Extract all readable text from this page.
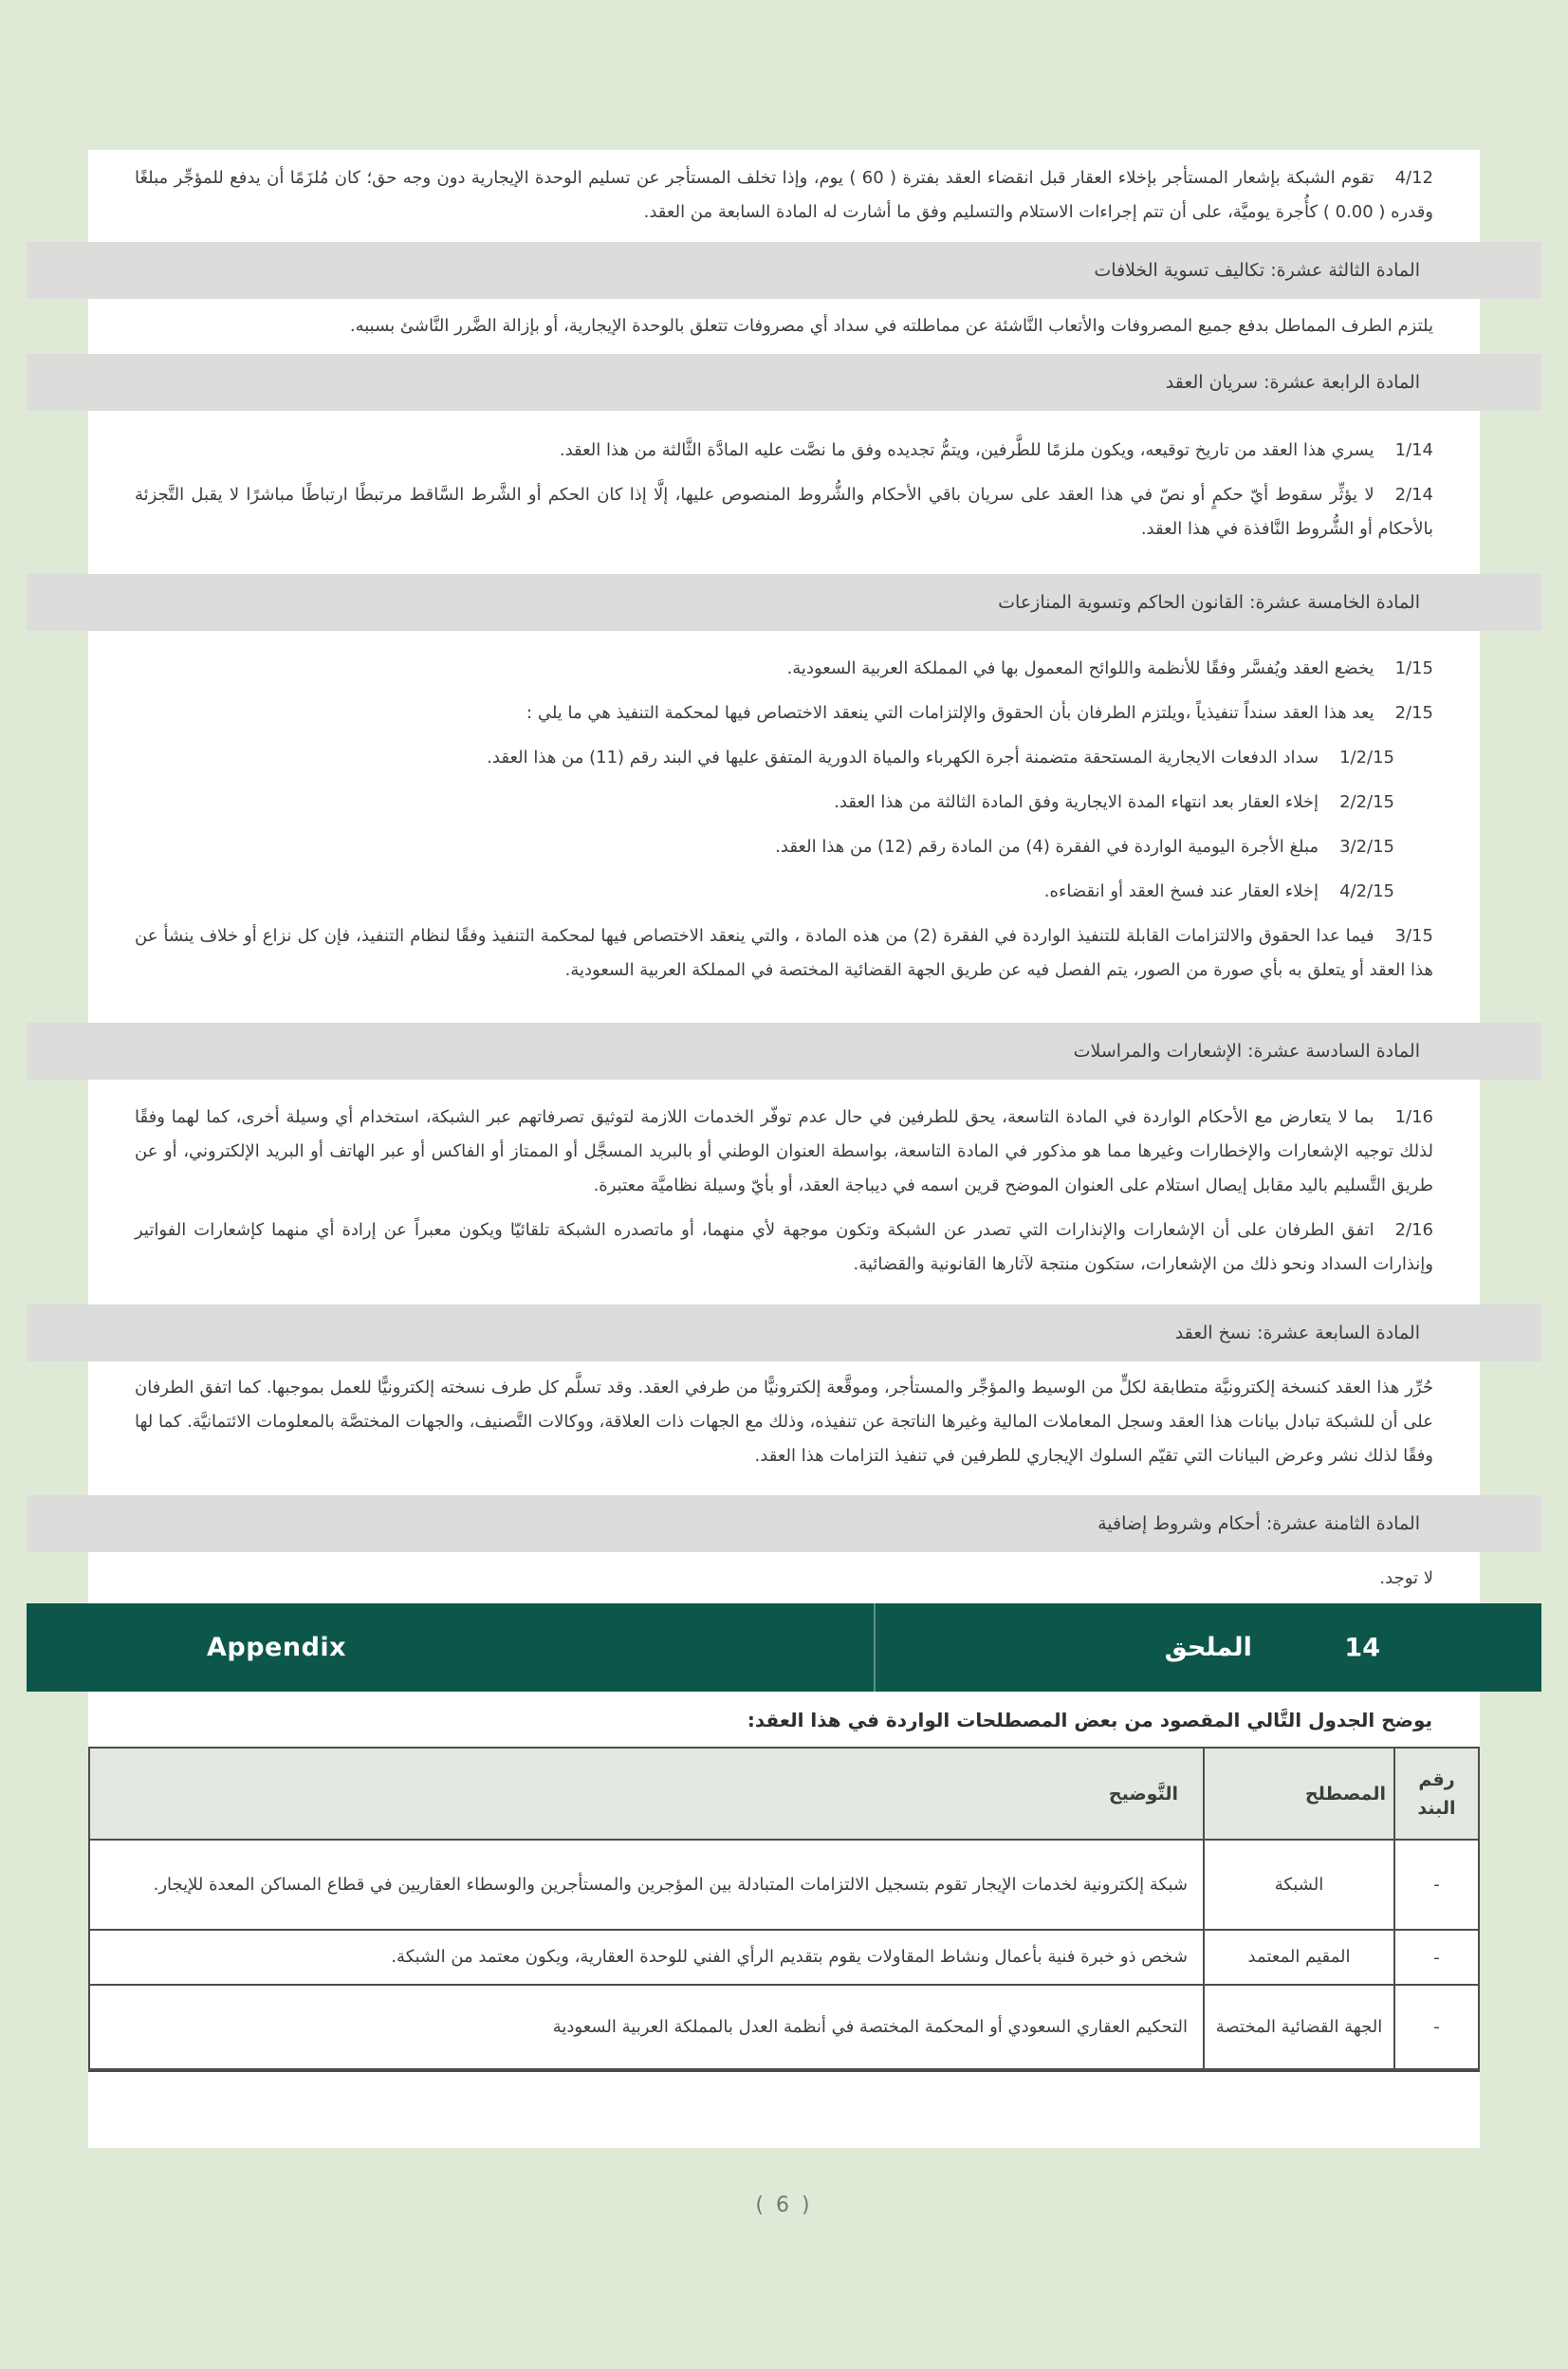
4/12تقوم الشبكة بإشعار المستأجر بإخلاء العقار قبل انقضاء العقد بفترة ( 60 ) يوم، وإذا تخلف المستأجر عن تسليم الوحدة الإيجارية دون وجه حق؛ كان مُلزَمًا أن يدفع للمؤجِّر مبلغًا وقدره ( 0.00 ) كأُجرة يوميَّة، على أن تتم إجراءات الاستلام والتسليم وفق ما أشارت له المادة السابعة من العقد.
المادة الثالثة عشرة: تكاليف تسوية الخلافات
يلتزم الطرف المماطل بدفع جميع المصروفات والأتعاب النَّاشئة عن مماطلته في سداد أي مصروفات تتعلق بالوحدة الإيجارية، أو بإزالة الضَّرر النَّاشئ بسببه.
المادة الرابعة عشرة: سريان العقد
1/14يسري هذا العقد من تاريخ توقيعه، ويكون ملزمًا للطَّرفين، ويتمُّ تجديده وفق ما نصَّت عليه المادَّة الثَّالثة من هذا العقد.
2/14لا يؤثِّر سقوط أيّ حكمٍ أو نصّ في هذا العقد على سريان باقي الأحكام والشُّروط المنصوص عليها، إلَّا إذا كان الحكم أو الشَّرط السَّاقط مرتبطًا ارتباطًا مباشرًا لا يقبل التَّجزئة بالأحكام أو الشُّروط النَّافذة في هذا العقد.
المادة الخامسة عشرة: القانون الحاكم وتسوية المنازعات
1/15يخضع العقد ويُفسَّر وفقًا للأنظمة واللوائح المعمول بها في المملكة العربية السعودية.
2/15يعد هذا العقد سنداً تنفيذياً ،ويلتزم الطرفان بأن الحقوق والإلتزامات التي ينعقد الاختصاص فيها لمحكمة التنفيذ هي ما يلي :
1/2/15سداد الدفعات الايجارية المستحقة متضمنة أجرة الكهرباء والمياة الدورية المتفق عليها في البند رقم (11) من هذا العقد.
2/2/15إخلاء العقار بعد انتهاء المدة الايجارية وفق المادة الثالثة من هذا العقد.
3/2/15مبلغ الأجرة اليومية الواردة في الفقرة (4) من المادة رقم (12) من هذا العقد.
4/2/15إخلاء العقار عند فسخ العقد أو انقضاءه.
3/15فيما عدا الحقوق والالتزامات القابلة للتنفيذ الواردة في الفقرة (2) من هذه المادة ، والتي ينعقد الاختصاص فيها لمحكمة التنفيذ وفقًا لنظام التنفيذ، فإن كل نزاع أو خلاف ينشأ عن هذا العقد أو يتعلق به بأي صورة من الصور، يتم الفصل فيه عن طريق الجهة القضائية المختصة في المملكة العربية السعودية.
المادة السادسة عشرة: الإشعارات والمراسلات
1/16بما لا يتعارض مع الأحكام الواردة في المادة التاسعة، يحق للطرفين في حال عدم توفّر الخدمات اللازمة لتوثيق تصرفاتهم عبر الشبكة، استخدام أي وسيلة أخرى، كما لهما وفقًا لذلك توجيه الإشعارات والإخطارات وغيرها مما هو مذكور في المادة التاسعة، بواسطة العنوان الوطني أو بالبريد المسجَّل أو الممتاز أو الفاكس أو عبر الهاتف أو البريد الإلكتروني، أو عن طريق التَّسليم باليد مقابل إيصال استلام على العنوان الموضح قرين اسمه في ديباجة العقد، أو بأيّ وسيلة نظاميَّة معتبرة.
2/16اتفق الطرفان على أن الإشعارات والإنذارات التي تصدر عن الشبكة وتكون موجهة لأي منهما، أو ماتصدره الشبكة تلقائيّا ويكون معبراً عن إرادة أي منهما كإشعارات الفواتير وإنذارات السداد ونحو ذلك من الإشعارات، ستكون منتجة لآثارها القانونية والقضائية.
المادة السابعة عشرة: نسخ العقد
حُرِّر هذا العقد كنسخة إلكترونيَّة متطابقة لكلٍّ من الوسيط والمؤجِّر والمستأجر، وموقَّعة إلكترونيًّا من طرفي العقد. وقد تسلَّم كل طرف نسخته إلكترونيًّا للعمل بموجبها. كما اتفق الطرفان على أن للشبكة تبادل بيانات هذا العقد وسجل المعاملات المالية وغيرها الناتجة عن تنفيذه، وذلك مع الجهات ذات العلاقة، ووكالات التَّصنيف، والجهات المختصَّة بالمعلومات الائتمانيَّة. كما لها وفقًا لذلك نشر وعرض البيانات التي تقيّم السلوك الإيجاري للطرفين في تنفيذ التزامات هذا العقد.
المادة الثامنة عشرة: أحكام وشروط إضافية
لا توجد.
14
الملحق
Appendix
يوضح الجدول التَّالي المقصود من بعض المصطلحات الواردة في هذا العقد:
رقم البند	المصطلح	التَّوضيح
-	الشبكة	شبكة إلكترونية لخدمات الإيجار تقوم بتسجيل الالتزامات المتبادلة بين المؤجرين والمستأجرين والوسطاء العقاريين في قطاع المساكن المعدة للإيجار.
-	المقيم المعتمد	شخص ذو خبرة فنية بأعمال ونشاط المقاولات يقوم بتقديم الرأي الفني للوحدة العقارية، ويكون معتمد من الشبكة.
-	الجهة القضائية المختصة	التحكيم العقاري السعودي أو المحكمة المختصة في أنظمة العدل بالمملكة العربية السعودية
( 6 )
